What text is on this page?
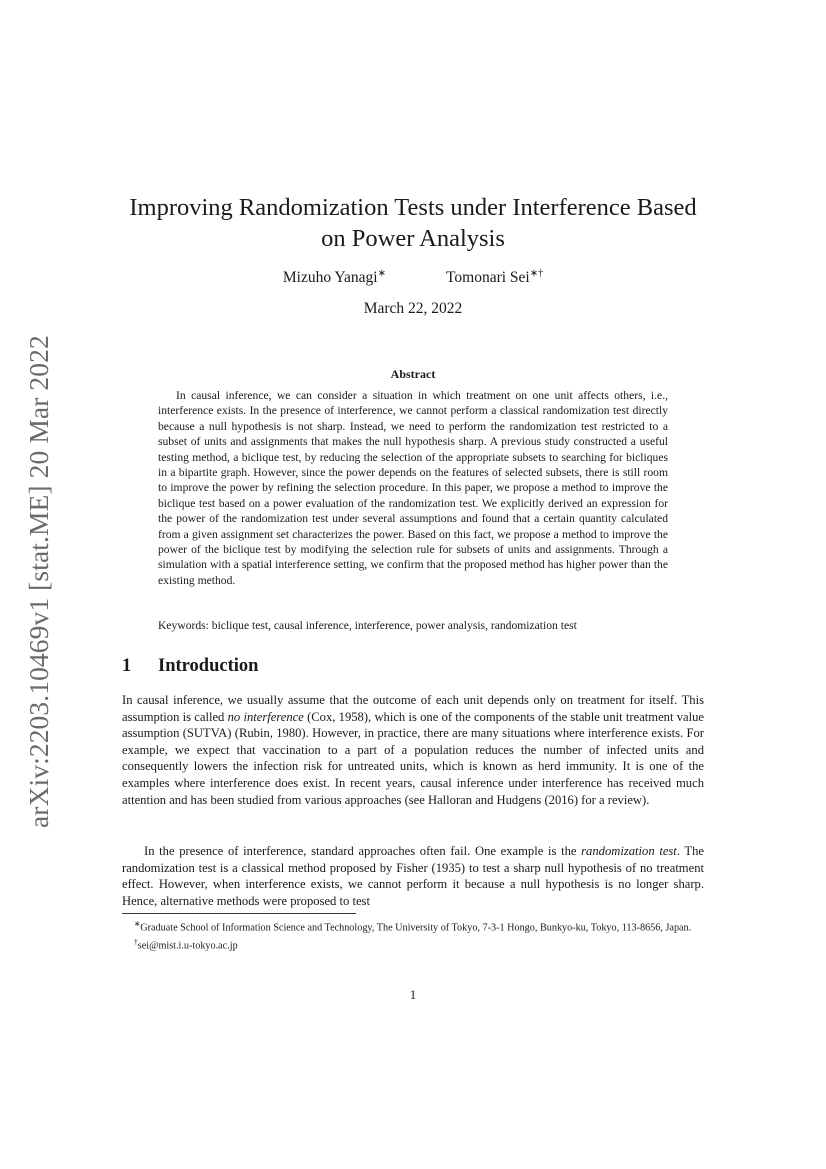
arXiv:2203.10469v1 [stat.ME] 20 Mar 2022
Improving Randomization Tests under Interference Based
on Power Analysis
Mizuho Yanagi∗	Tomonari Sei∗†
March 22, 2022
Abstract
In causal inference, we can consider a situation in which treatment on one unit affects others, i.e., interference exists. In the presence of interference, we cannot perform a classical randomization test directly because a null hypothesis is not sharp. Instead, we need to perform the randomization test restricted to a subset of units and assignments that makes the null hypothesis sharp. A previous study constructed a useful testing method, a biclique test, by reducing the selection of the appropriate subsets to searching for bicliques in a bipartite graph. However, since the power depends on the features of selected subsets, there is still room to improve the power by refining the selection procedure. In this paper, we propose a method to improve the biclique test based on a power evaluation of the randomization test. We explicitly derived an expression for the power of the randomization test under several assumptions and found that a certain quantity calculated from a given assignment set characterizes the power. Based on this fact, we propose a method to improve the power of the biclique test by modifying the selection rule for subsets of units and assignments. Through a simulation with a spatial interference setting, we confirm that the proposed method has higher power than the existing method.
Keywords: biclique test, causal inference, interference, power analysis, randomization test
1 Introduction
In causal inference, we usually assume that the outcome of each unit depends only on treatment for itself. This assumption is called no interference (Cox, 1958), which is one of the components of the stable unit treatment value assumption (SUTVA) (Rubin, 1980). However, in practice, there are many situations where interference exists. For example, we expect that vaccination to a part of a population reduces the number of infected units and consequently lowers the infection risk for untreated units, which is known as herd immunity. It is one of the examples where interference does exist. In recent years, causal inference under interference has received much attention and has been studied from various approaches (see Halloran and Hudgens (2016) for a review).
In the presence of interference, standard approaches often fail. One example is the randomization test. The randomization test is a classical method proposed by Fisher (1935) to test a sharp null hypothesis of no treatment effect. However, when interference exists, we cannot perform it because a null hypothesis is no longer sharp. Hence, alternative methods were proposed to test
∗Graduate School of Information Science and Technology, The University of Tokyo, 7-3-1 Hongo, Bunkyo-ku, Tokyo, 113-8656, Japan.
†sei@mist.i.u-tokyo.ac.jp
1
